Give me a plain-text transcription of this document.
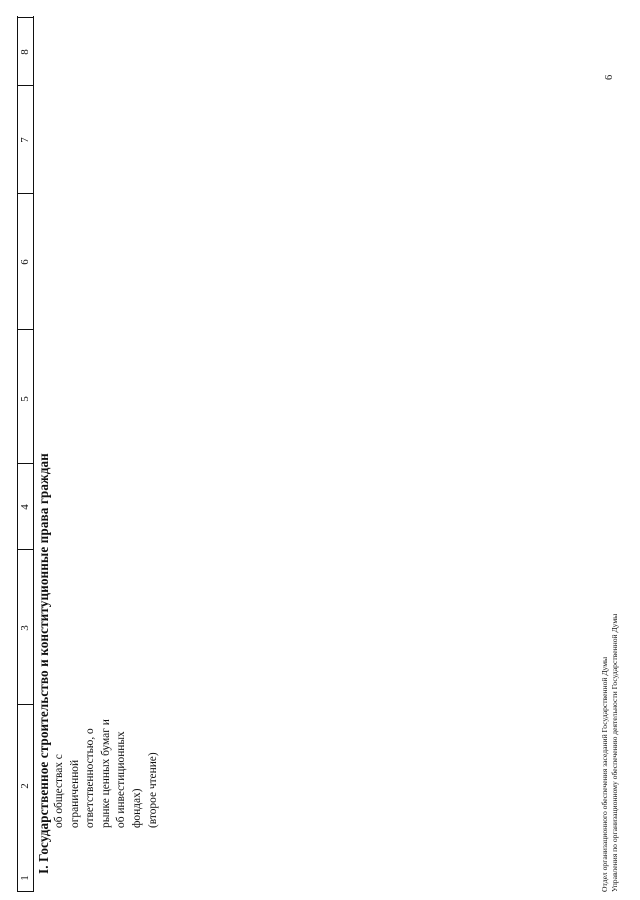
1
2
3
4
5
6
7
8
I. Государственное строительство и конституционные права граждан об обществах с ограниченной ответственностью, о рынке ценных бумаг и об инвестиционных фондах) (второе чтение)	Отдел организационного обеспечения заседаний Государственной Думы Управления по организационному обеспечению деятельности Государственной Думы
6
